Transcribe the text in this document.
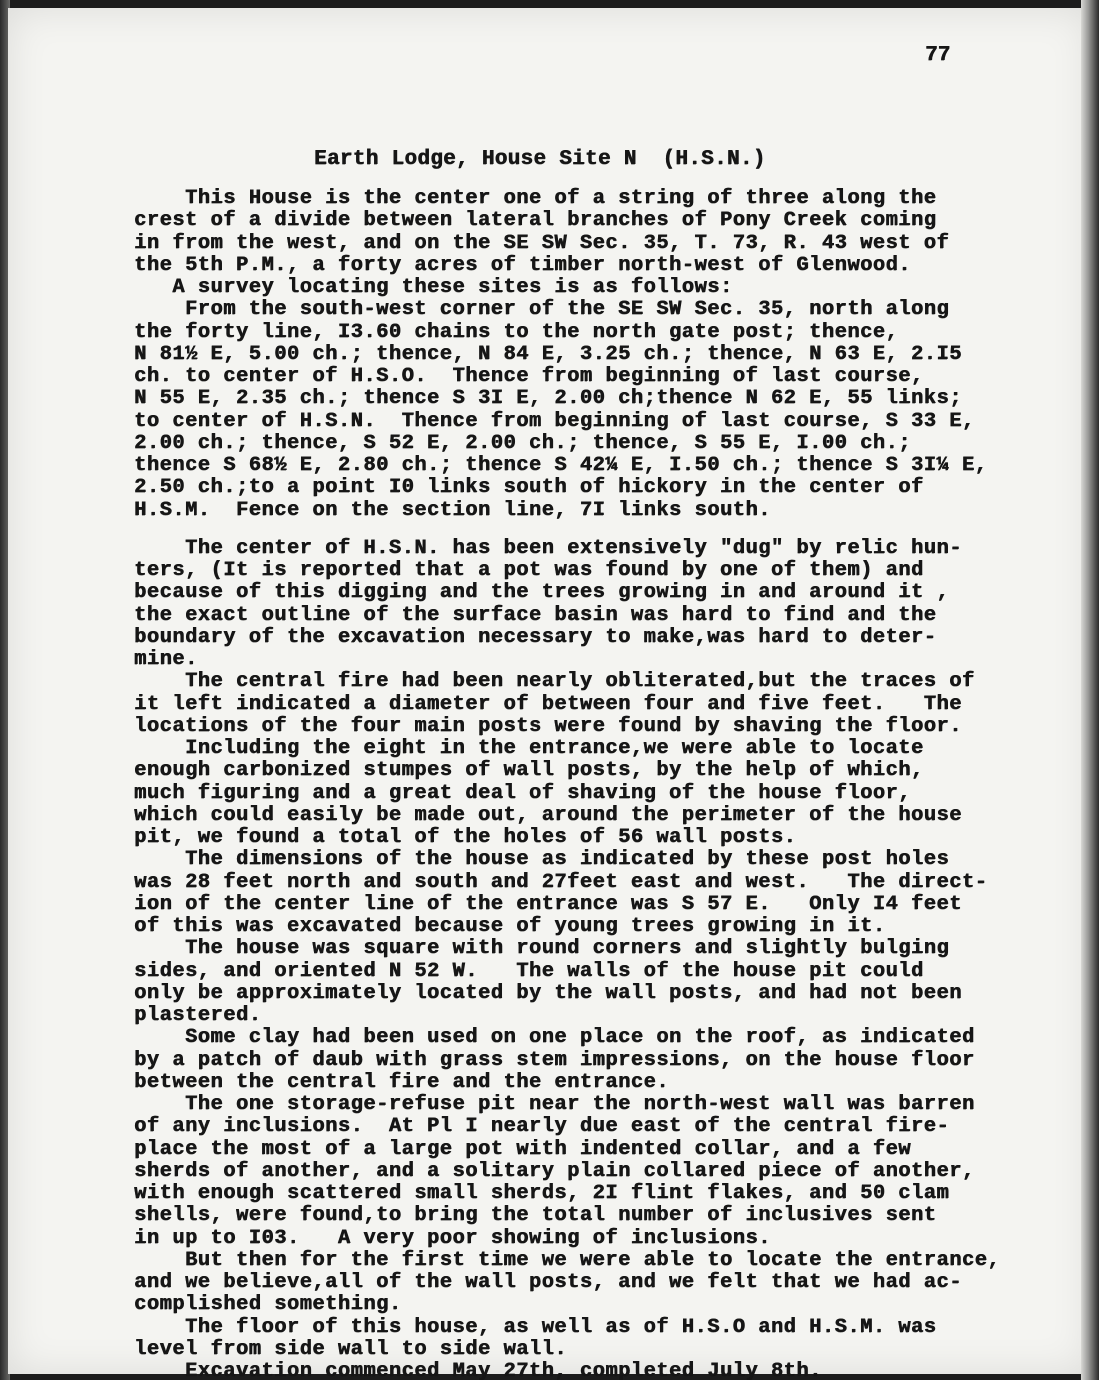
77
Earth Lodge, House Site N  (H.S.N.)
This House is the center one of a string of three along the
crest of a divide between lateral branches of Pony Creek coming
in from the west, and on the SE SW Sec. 35, T. 73, R. 43 west of
the 5th P.M., a forty acres of timber north-west of Glenwood.
A survey locating these sites is as follows:
From the south-west corner of the SE SW Sec. 35, north along
the forty line, I3.60 chains to the north gate post; thence,
N 81½ E, 5.00 ch.; thence, N 84 E, 3.25 ch.; thence, N 63 E, 2.I5
ch. to center of H.S.O.  Thence from beginning of last course,
N 55 E, 2.35 ch.; thence S 3I E, 2.00 ch;thence N 62 E, 55 links;
to center of H.S.N.  Thence from beginning of last course, S 33 E,
2.00 ch.; thence, S 52 E, 2.00 ch.; thence, S 55 E, I.00 ch.;
thence S 68½ E, 2.80 ch.; thence S 42¼ E, I.50 ch.; thence S 3I¼ E,
2.50 ch.;to a point I0 links south of hickory in the center of
H.S.M.  Fence on the section line, 7I links south.
The center of H.S.N. has been extensively "dug" by relic hun-
ters, (It is reported that a pot was found by one of them) and
because of this digging and the trees growing in and around it ,
the exact outline of the surface basin was hard to find and the
boundary of the excavation necessary to make,was hard to deter-
mine.
The central fire had been nearly obliterated,but the traces of
it left indicated a diameter of between four and five feet.   The
locations of the four main posts were found by shaving the floor.
Including the eight in the entrance,we were able to locate
enough carbonized stumpes of wall posts, by the help of which,
much figuring and a great deal of shaving of the house floor,
which could easily be made out, around the perimeter of the house
pit, we found a total of the holes of 56 wall posts.
The dimensions of the house as indicated by these post holes
was 28 feet north and south and 27feet east and west.   The direct-
ion of the center line of the entrance was S 57 E.   Only I4 feet
of this was excavated because of young trees growing in it.
The house was square with round corners and slightly bulging
sides, and oriented N 52 W.   The walls of the house pit could
only be approximately located by the wall posts, and had not been
plastered.
Some clay had been used on one place on the roof, as indicated
by a patch of daub with grass stem impressions, on the house floor
between the central fire and the entrance.
The one storage-refuse pit near the north-west wall was barren
of any inclusions.  At Pl I nearly due east of the central fire-
place the most of a large pot with indented collar, and a few
sherds of another, and a solitary plain collared piece of another,
with enough scattered small sherds, 2I flint flakes, and 50 clam
shells, were found,to bring the total number of inclusives sent
in up to I03.   A very poor showing of inclusions.
But then for the first time we were able to locate the entrance,
and we believe,all of the wall posts, and we felt that we had ac-
complished something.
The floor of this house, as well as of H.S.O and H.S.M. was
level from side wall to side wall.
Excavation commenced May 27th, completed July 8th.
